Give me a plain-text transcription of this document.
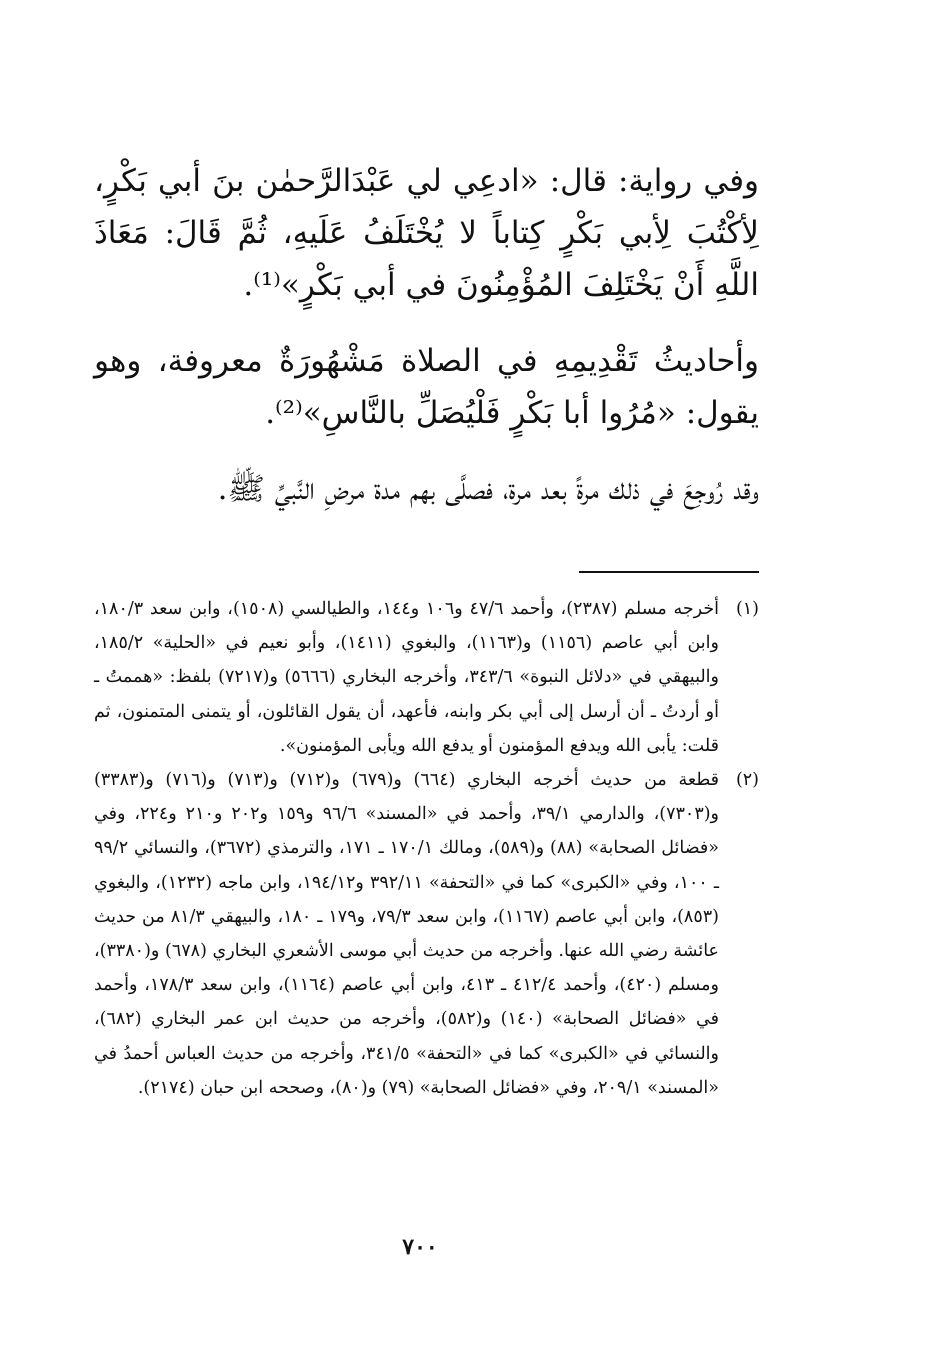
وفي رواية: قال: «ادعِي لي عَبْدَالرَّحمٰن بنَ أبي بَكْرٍ، لِأكْتُبَ لِأبي بَكْرٍ كِتاباً لا يُخْتَلَفُ عَلَيهِ، ثُمَّ قَالَ: مَعَاذَ اللَّهِ أَنْ يَخْتَلِفَ المُؤْمِنُونَ في أبي بَكْرٍ»⁽¹⁾.

وأحاديثُ تَقْدِيمِهِ في الصلاة مَشْهُورَةٌ معروفة، وهو يقول: «مُرُوا أبا بَكْرٍ فَلْيُصَلِّ بالنَّاسِ»⁽²⁾.

وقد رُوجِعَ في ذلك مرةً بعد مرة، فصلَّى بهم مدة مرضِ النَّبيِّ ﷺ.

(١)
أخرجه مسلم (٢٣٨٧)، وأحمد ٤٧/٦ و١٠٦ و١٤٤، والطيالسي (١٥٠٨)، وابن سعد ١٨٠/٣، وابن أبي عاصم (١١٥٦) و(١١٦٣)، والبغوي (١٤١١)، وأبو نعيم في «الحلية» ١٨٥/٢، والبيهقي في «دلائل النبوة» ٣٤٣/٦، وأخرجه البخاري (٥٦٦٦) و(٧٢١٧) بلفظ: «هممتُ ـ أو أردتُ ـ أن أرسل إلى أبي بكر وابنه، فأعهد، أن يقول القائلون، أو يتمنى المتمنون، ثم قلت: يأبى الله ويدفع المؤمنون أو يدفع الله ويأبى المؤمنون».
(٢)
قطعة من حديث أخرجه البخاري (٦٦٤) و(٦٧٩) و(٧١٢) و(٧١٣) و(٧١٦) و(٣٣٨٣) و(٧٣٠٣)، والدارمي ٣٩/١، وأحمد في «المسند» ٩٦/٦ و١٥٩ و٢٠٢ و٢١٠ و٢٢٤، وفي «فضائل الصحابة» (٨٨) و(٥٨٩)، ومالك ١٧٠/١ ـ ١٧١، والترمذي (٣٦٧٢)، والنسائي ٩٩/٢ ـ ١٠٠، وفي «الكبرى» كما في «التحفة» ٣٩٢/١١ و١٩٤/١٢، وابن ماجه (١٢٣٢)، والبغوي (٨٥٣)، وابن أبي عاصم (١١٦٧)، وابن سعد ٧٩/٣، و١٧٩ ـ ١٨٠، والبيهقي ٨١/٣ من حديث عائشة رضي الله عنها. وأخرجه من حديث أبي موسى الأشعري البخاري (٦٧٨) و(٣٣٨٠)، ومسلم (٤٢٠)، وأحمد ٤١٢/٤ ـ ٤١٣، وابن أبي عاصم (١١٦٤)، وابن سعد ١٧٨/٣، وأحمد في «فضائل الصحابة» (١٤٠) و(٥٨٢)، وأخرجه من حديث ابن عمر البخاري (٦٨٢)، والنسائي في «الكبرى» كما في «التحفة» ٣٤١/٥، وأخرجه من حديث العباس أحمدُ في «المسند» ٢٠٩/١، وفي «فضائل الصحابة» (٧٩) و(٨٠)، وصححه ابن حبان (٢١٧٤).
٧٠٠
